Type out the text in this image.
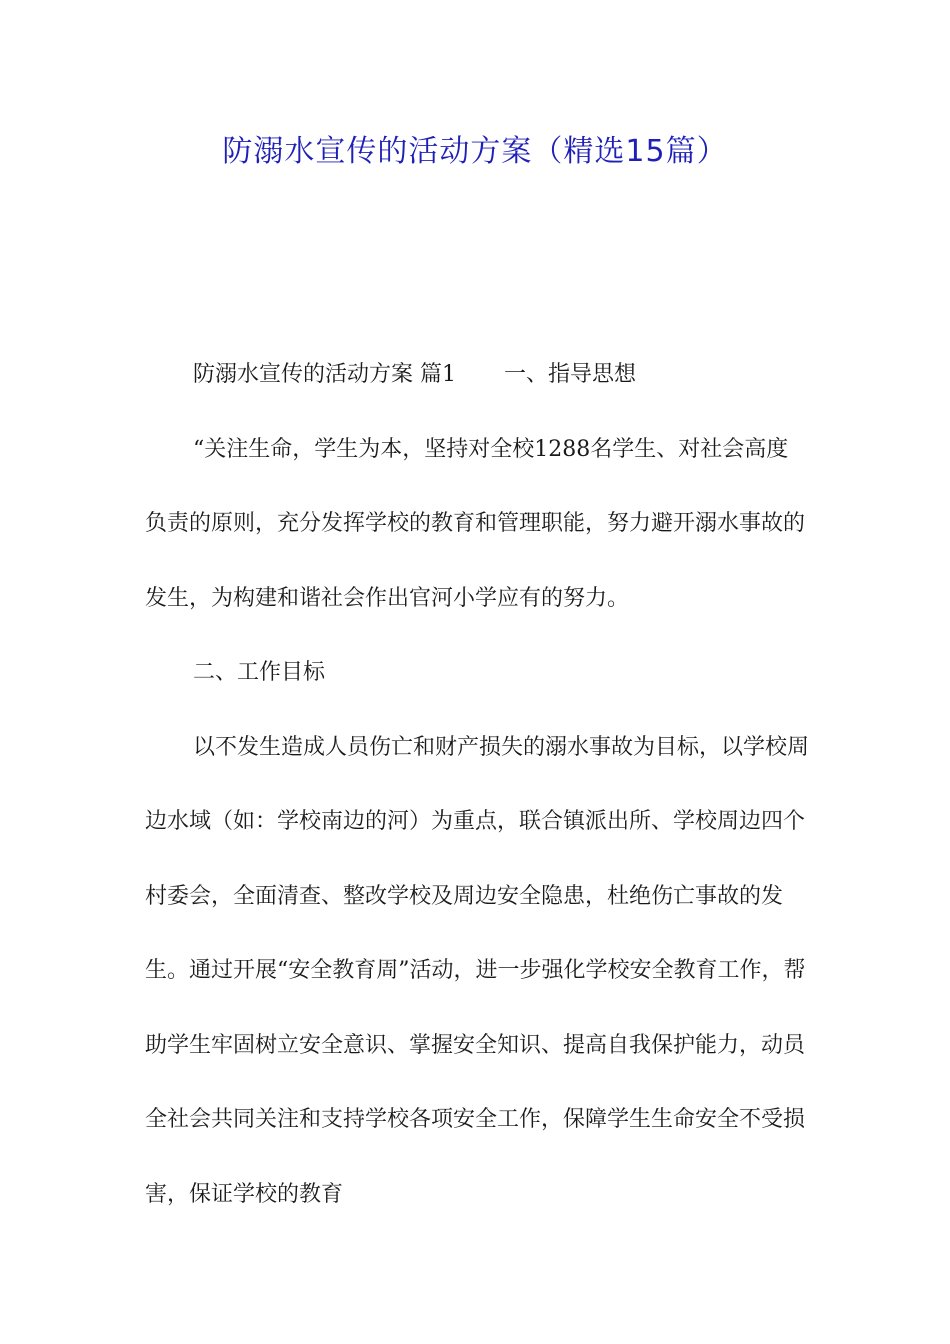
防溺水宣传的活动方案（精选15篇）

防溺水宣传的活动方案 篇1 一、指导思想

“关注生命，学生为本，坚持对全校1288名学生、对社会高度负责的原则，充分发挥学校的教育和管理职能，努力避开溺水事故的发生，为构建和谐社会作出官河小学应有的努力。

二、工作目标

以不发生造成人员伤亡和财产损失的溺水事故为目标，以学校周边水域（如：学校南边的河）为重点，联合镇派出所、学校周边四个村委会，全面清查、整改学校及周边安全隐患，杜绝伤亡事故的发生。通过开展“安全教育周”活动，进一步强化学校安全教育工作，帮助学生牢固树立安全意识、掌握安全知识、提高自我保护能力，动员全社会共同关注和支持学校各项安全工作，保障学生生命安全不受损害，保证学校的教育
